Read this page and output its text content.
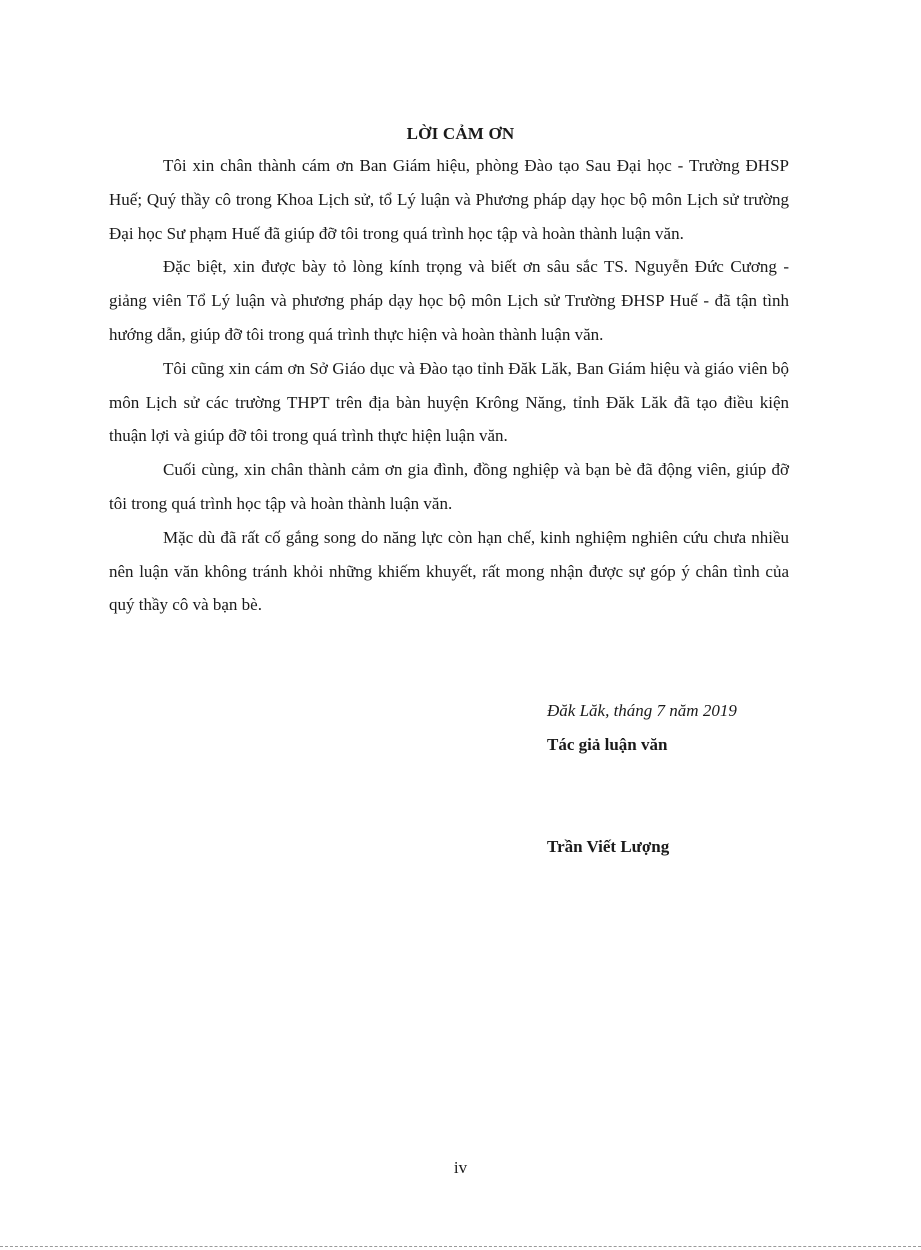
LỜI CẢM ƠN

Tôi xin chân thành cám ơn Ban Giám hiệu, phòng Đào tạo Sau Đại học - Trường ĐHSP Huế; Quý thầy cô trong Khoa Lịch sử, tổ Lý luận và Phương pháp dạy học bộ môn Lịch sử trường Đại học Sư phạm Huế đã giúp đỡ tôi trong quá trình học tập và hoàn thành luận văn.

Đặc biệt, xin được bày tỏ lòng kính trọng và biết ơn sâu sắc TS. Nguyễn Đức Cương - giảng viên Tổ Lý luận và phương pháp dạy học bộ môn Lịch sử Trường ĐHSP Huế - đã tận tình hướng dẫn, giúp đỡ tôi trong quá trình thực hiện và hoàn thành luận văn.

Tôi cũng xin cám ơn Sở Giáo dục và Đào tạo tỉnh Đăk Lăk, Ban Giám hiệu và giáo viên bộ môn Lịch sử các trường THPT trên địa bàn huyện Krông Năng, tỉnh Đăk Lăk đã tạo điều kiện thuận lợi và giúp đỡ tôi trong quá trình thực hiện luận văn.

Cuối cùng, xin chân thành cảm ơn gia đình, đồng nghiệp và bạn bè đã động viên, giúp đỡ tôi trong quá trình học tập và hoàn thành luận văn.

Mặc dù đã rất cố gắng song do năng lực còn hạn chế, kinh nghiệm nghiên cứu chưa nhiều nên luận văn không tránh khỏi những khiếm khuyết, rất mong nhận được sự góp ý chân tình của quý thầy cô và bạn bè.

Đăk Lăk, tháng 7 năm 2019
Tác giả luận văn
Trần Viết Lượng
iv
